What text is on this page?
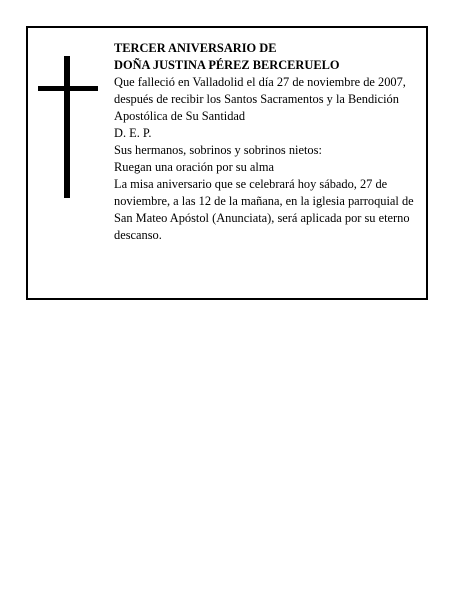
TERCER ANIVERSARIO DE

DOÑA JUSTINA PÉREZ BERCERUELO

Que falleció en Valladolid el día 27 de noviembre de 2007, después de recibir los Santos Sacramentos y la Bendición Apostólica de Su Santidad

D. E. P.

Sus hermanos, sobrinos y sobrinos nietos:

Ruegan una oración por su alma

La misa aniversario que se celebrará hoy sábado, 27 de noviembre, a las 12 de la mañana, en la iglesia parroquial de San Mateo Apóstol (Anunciata), será aplicada por su eterno descanso.
